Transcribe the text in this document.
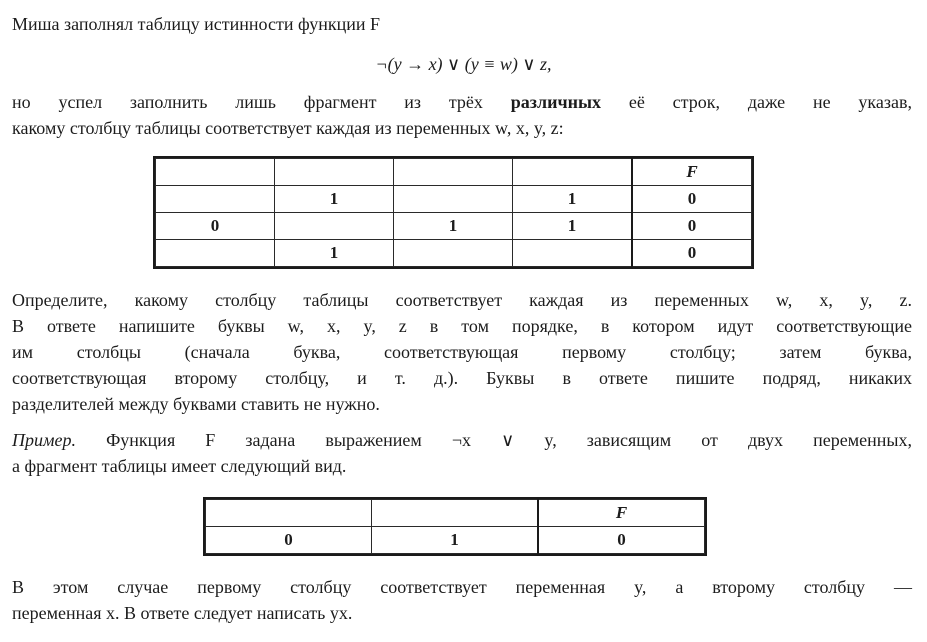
Миша заполнял таблицу истинности функции F
¬(y → x) ∨ (y ≡ w) ∨ z,
но успел заполнить лишь фрагмент из трёх различных её строк, даже не указав,
какому столбцу таблицы соответствует каждая из переменных w, x, y, z:
				F
	1		1	0
0		1	1	0
	1			0
Определите, какому столбцу таблицы соответствует каждая из переменных w, x, y, z.
В ответе напишите буквы w, x, y, z в том порядке, в котором идут соответствующие
им столбцы (сначала буква, соответствующая первому столбцу; затем буква,
соответствующая второму столбцу, и т. д.). Буквы в ответе пишите подряд, никаких
разделителей между буквами ставить не нужно.
Пример. Функция F задана выражением ¬x ∨ y, зависящим от двух переменных,
а фрагмент таблицы имеет следующий вид.
		F
0	1	0
В этом случае первому столбцу соответствует переменная y, а второму столбцу —
переменная x. В ответе следует написать yx.
